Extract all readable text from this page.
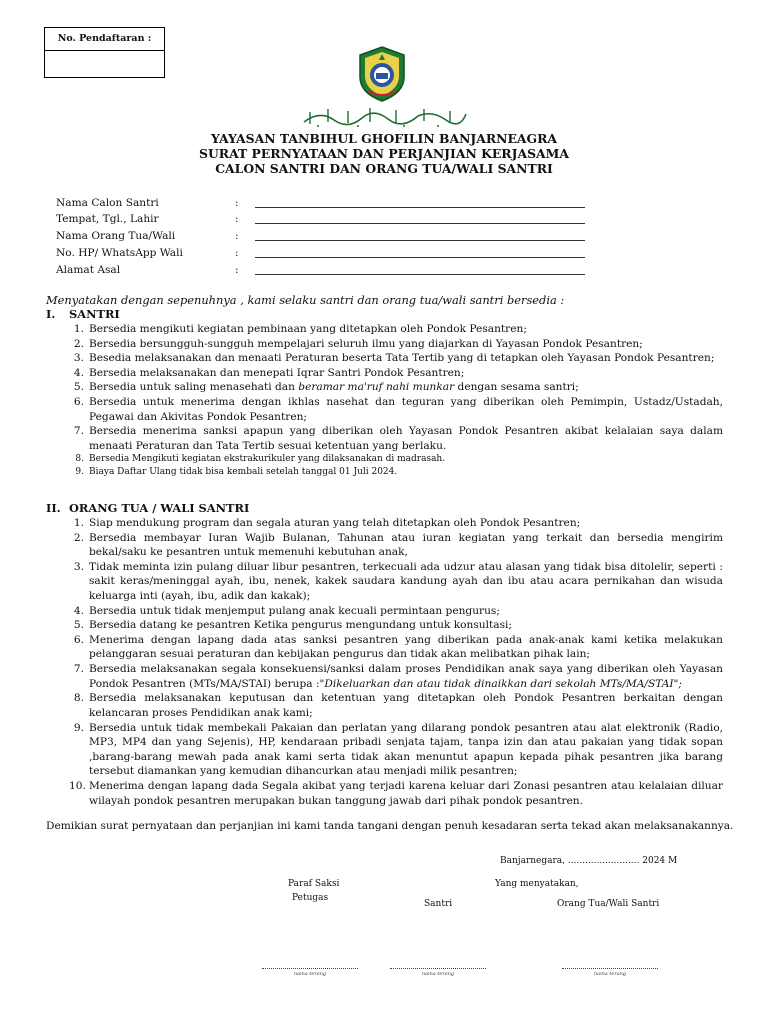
No. Pendaftaran :
YAYASAN TANBIHUL GHOFILIN BANJARNEAGRA
SURAT PERNYATAAN DAN PERJANJIAN KERJASAMA
CALON SANTRI DAN ORANG TUA/WALI SANTRI
Nama Calon Santri	:
Tempat, Tgl., Lahir	:
Nama Orang Tua/Wali	:
No. HP/ WhatsApp Wali	:
Alamat Asal	:
Menyatakan dengan sepenuhnya , kami selaku santri dan orang tua/wali santri bersedia :
I. SANTRI
1. Bersedia mengikuti kegiatan pembinaan yang ditetapkan oleh Pondok Pesantren;
2. Bersedia bersungguh-sungguh mempelajari seluruh ilmu yang diajarkan di Yayasan Pondok Pesantren;
3. Besedia melaksanakan dan menaati Peraturan beserta Tata Tertib yang di tetapkan oleh Yayasan Pondok Pesantren;
4. Bersedia melaksanakan dan menepati Iqrar Santri Pondok Pesantren;
5. Bersedia untuk saling menasehati dan beramar ma'ruf nahi munkar dengan sesama santri;
6. Bersedia untuk menerima dengan ikhlas nasehat dan teguran yang diberikan oleh Pemimpin, Ustadz/Ustadah, Pegawai dan Akivitas Pondok Pesantren;
7. Bersedia menerima sanksi apapun yang diberikan oleh Yayasan Pondok Pesantren akibat kelalaian saya dalam menaati Peraturan dan Tata Tertib sesuai ketentuan yang berlaku.
8. Bersedia Mengikuti kegiatan ekstrakurikuler yang dilaksanakan di madrasah.
9. Biaya Daftar Ulang tidak bisa kembali setelah tanggal 01 Juli 2024.
II. ORANG TUA / WALI SANTRI
1. Siap mendukung program dan segala aturan yang telah ditetapkan oleh Pondok Pesantren;
2. Bersedia membayar Iuran Wajib Bulanan, Tahunan atau iuran kegiatan yang terkait dan bersedia mengirim bekal/saku ke pesantren untuk memenuhi kebutuhan anak,
3. Tidak meminta izin pulang diluar libur pesantren, terkecuali ada udzur atau alasan yang tidak bisa ditolelir, seperti : sakit keras/meninggal ayah, ibu, nenek, kakek saudara kandung ayah dan ibu atau acara pernikahan dan wisuda keluarga inti (ayah, ibu, adik dan kakak);
4. Bersedia untuk tidak menjemput pulang anak kecuali permintaan pengurus;
5. Bersedia datang ke pesantren Ketika pengurus mengundang untuk konsultasi;
6. Menerima dengan lapang dada atas sanksi pesantren yang diberikan pada anak-anak kami ketika melakukan pelanggaran sesuai peraturan dan kebijakan pengurus dan tidak akan melibatkan pihak lain;
7. Bersedia melaksanakan segala konsekuensi/sanksi dalam proses Pendidikan anak saya yang diberikan oleh Yayasan Pondok Pesantren (MTs/MA/STAI) berupa :"Dikeluarkan dan atau tidak dinaikkan dari sekolah MTs/MA/STAI";
8. Bersedia melaksanakan keputusan dan ketentuan yang ditetapkan oleh Pondok Pesantren berkaitan dengan kelancaran proses Pendidikan anak kami;
9. Bersedia untuk tidak membekali Pakaian dan perlatan yang dilarang pondok pesantren atau alat elektronik (Radio, MP3, MP4 dan yang Sejenis), HP, kendaraan pribadi senjata tajam, tanpa izin dan atau pakaian yang tidak sopan ,barang-barang mewah pada anak kami serta tidak akan menuntut apapun kepada pihak pesantren jika barang tersebut diamankan yang kemudian dihancurkan atau menjadi milik pesantren;
10. Menerima dengan lapang dada Segala akibat yang terjadi karena keluar dari Zonasi pesantren atau kelalaian diluar wilayah pondok pesantren merupakan bukan tanggung jawab dari pihak pondok pesantren.
Demikian surat pernyataan dan perjanjian ini kami tanda tangani dengan penuh kesadaran serta tekad akan melaksanakannya.
Banjarnegara, ......................... 2024 M
Yang menyatakan,
Paraf Saksi
Petugas
Santri	Orang Tua/Wali Santri
nama terang	nama terang	nama terang
